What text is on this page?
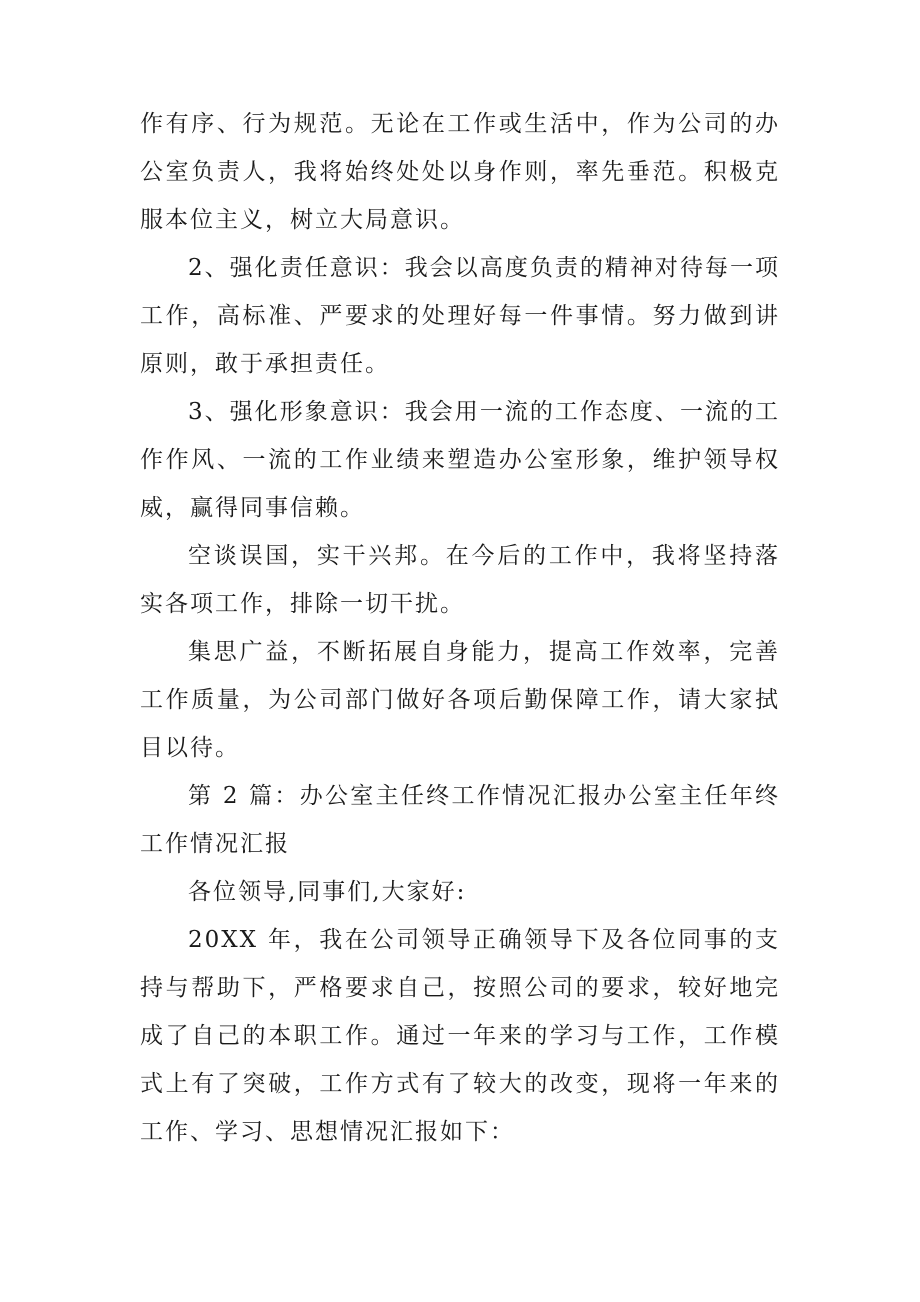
作有序、行为规范。无论在工作或生活中，作为公司的办公室负责人，我将始终处处以身作则，率先垂范。积极克服本位主义，树立大局意识。

2、强化责任意识：我会以高度负责的精神对待每一项工作，高标准、严要求的处理好每一件事情。努力做到讲原则，敢于承担责任。

3、强化形象意识：我会用一流的工作态度、一流的工作作风、一流的工作业绩来塑造办公室形象，维护领导权威，赢得同事信赖。

空谈误国，实干兴邦。在今后的工作中，我将坚持落实各项工作，排除一切干扰。

集思广益，不断拓展自身能力，提高工作效率，完善工作质量，为公司部门做好各项后勤保障工作，请大家拭目以待。

第 2 篇：办公室主任终工作情况汇报办公室主任年终工作情况汇报

各位领导,同事们,大家好:

20XX 年，我在公司领导正确领导下及各位同事的支持与帮助下，严格要求自己，按照公司的要求，较好地完成了自己的本职工作。通过一年来的学习与工作，工作模式上有了突破，工作方式有了较大的改变，现将一年来的工作、学习、思想情况汇报如下：
